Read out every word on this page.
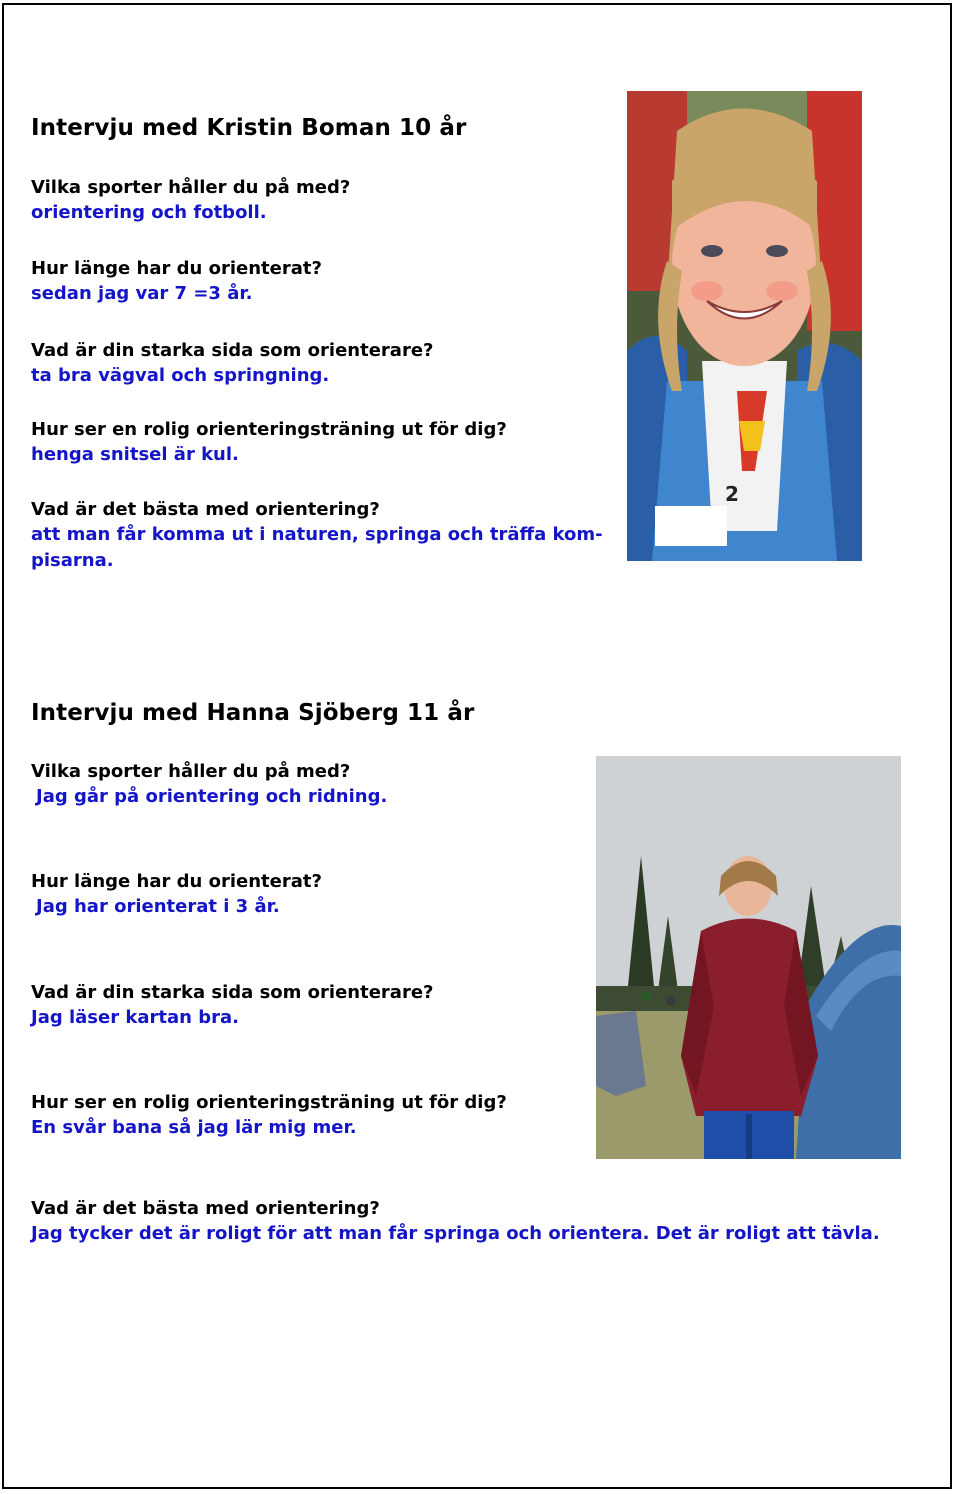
Intervju med Kristin Boman 10 år
Vilka sporter håller du på med?
orientering och fotboll.
Hur länge har du orienterat?
sedan jag var 7 =3 år.
Vad är din starka sida som orienterare?
ta bra vägval och springning.
Hur ser en rolig orienteringsträning ut för dig?
henga snitsel är kul.
Vad är det bästa med orientering?
att man får komma ut i naturen, springa och träffa kom- pisarna.
2
Intervju med Hanna Sjöberg 11 år
Vilka sporter håller du på med?
Jag går på orientering och ridning.
Hur länge har du orienterat?
Jag har orienterat i 3 år.
Vad är din starka sida som orienterare?
Jag läser kartan bra.
Hur ser en rolig orienteringsträning ut för dig?
En svår bana så jag lär mig mer.
Vad är det bästa med orientering?
Jag tycker det är roligt för att man får springa och orientera. Det är roligt att tävla.
